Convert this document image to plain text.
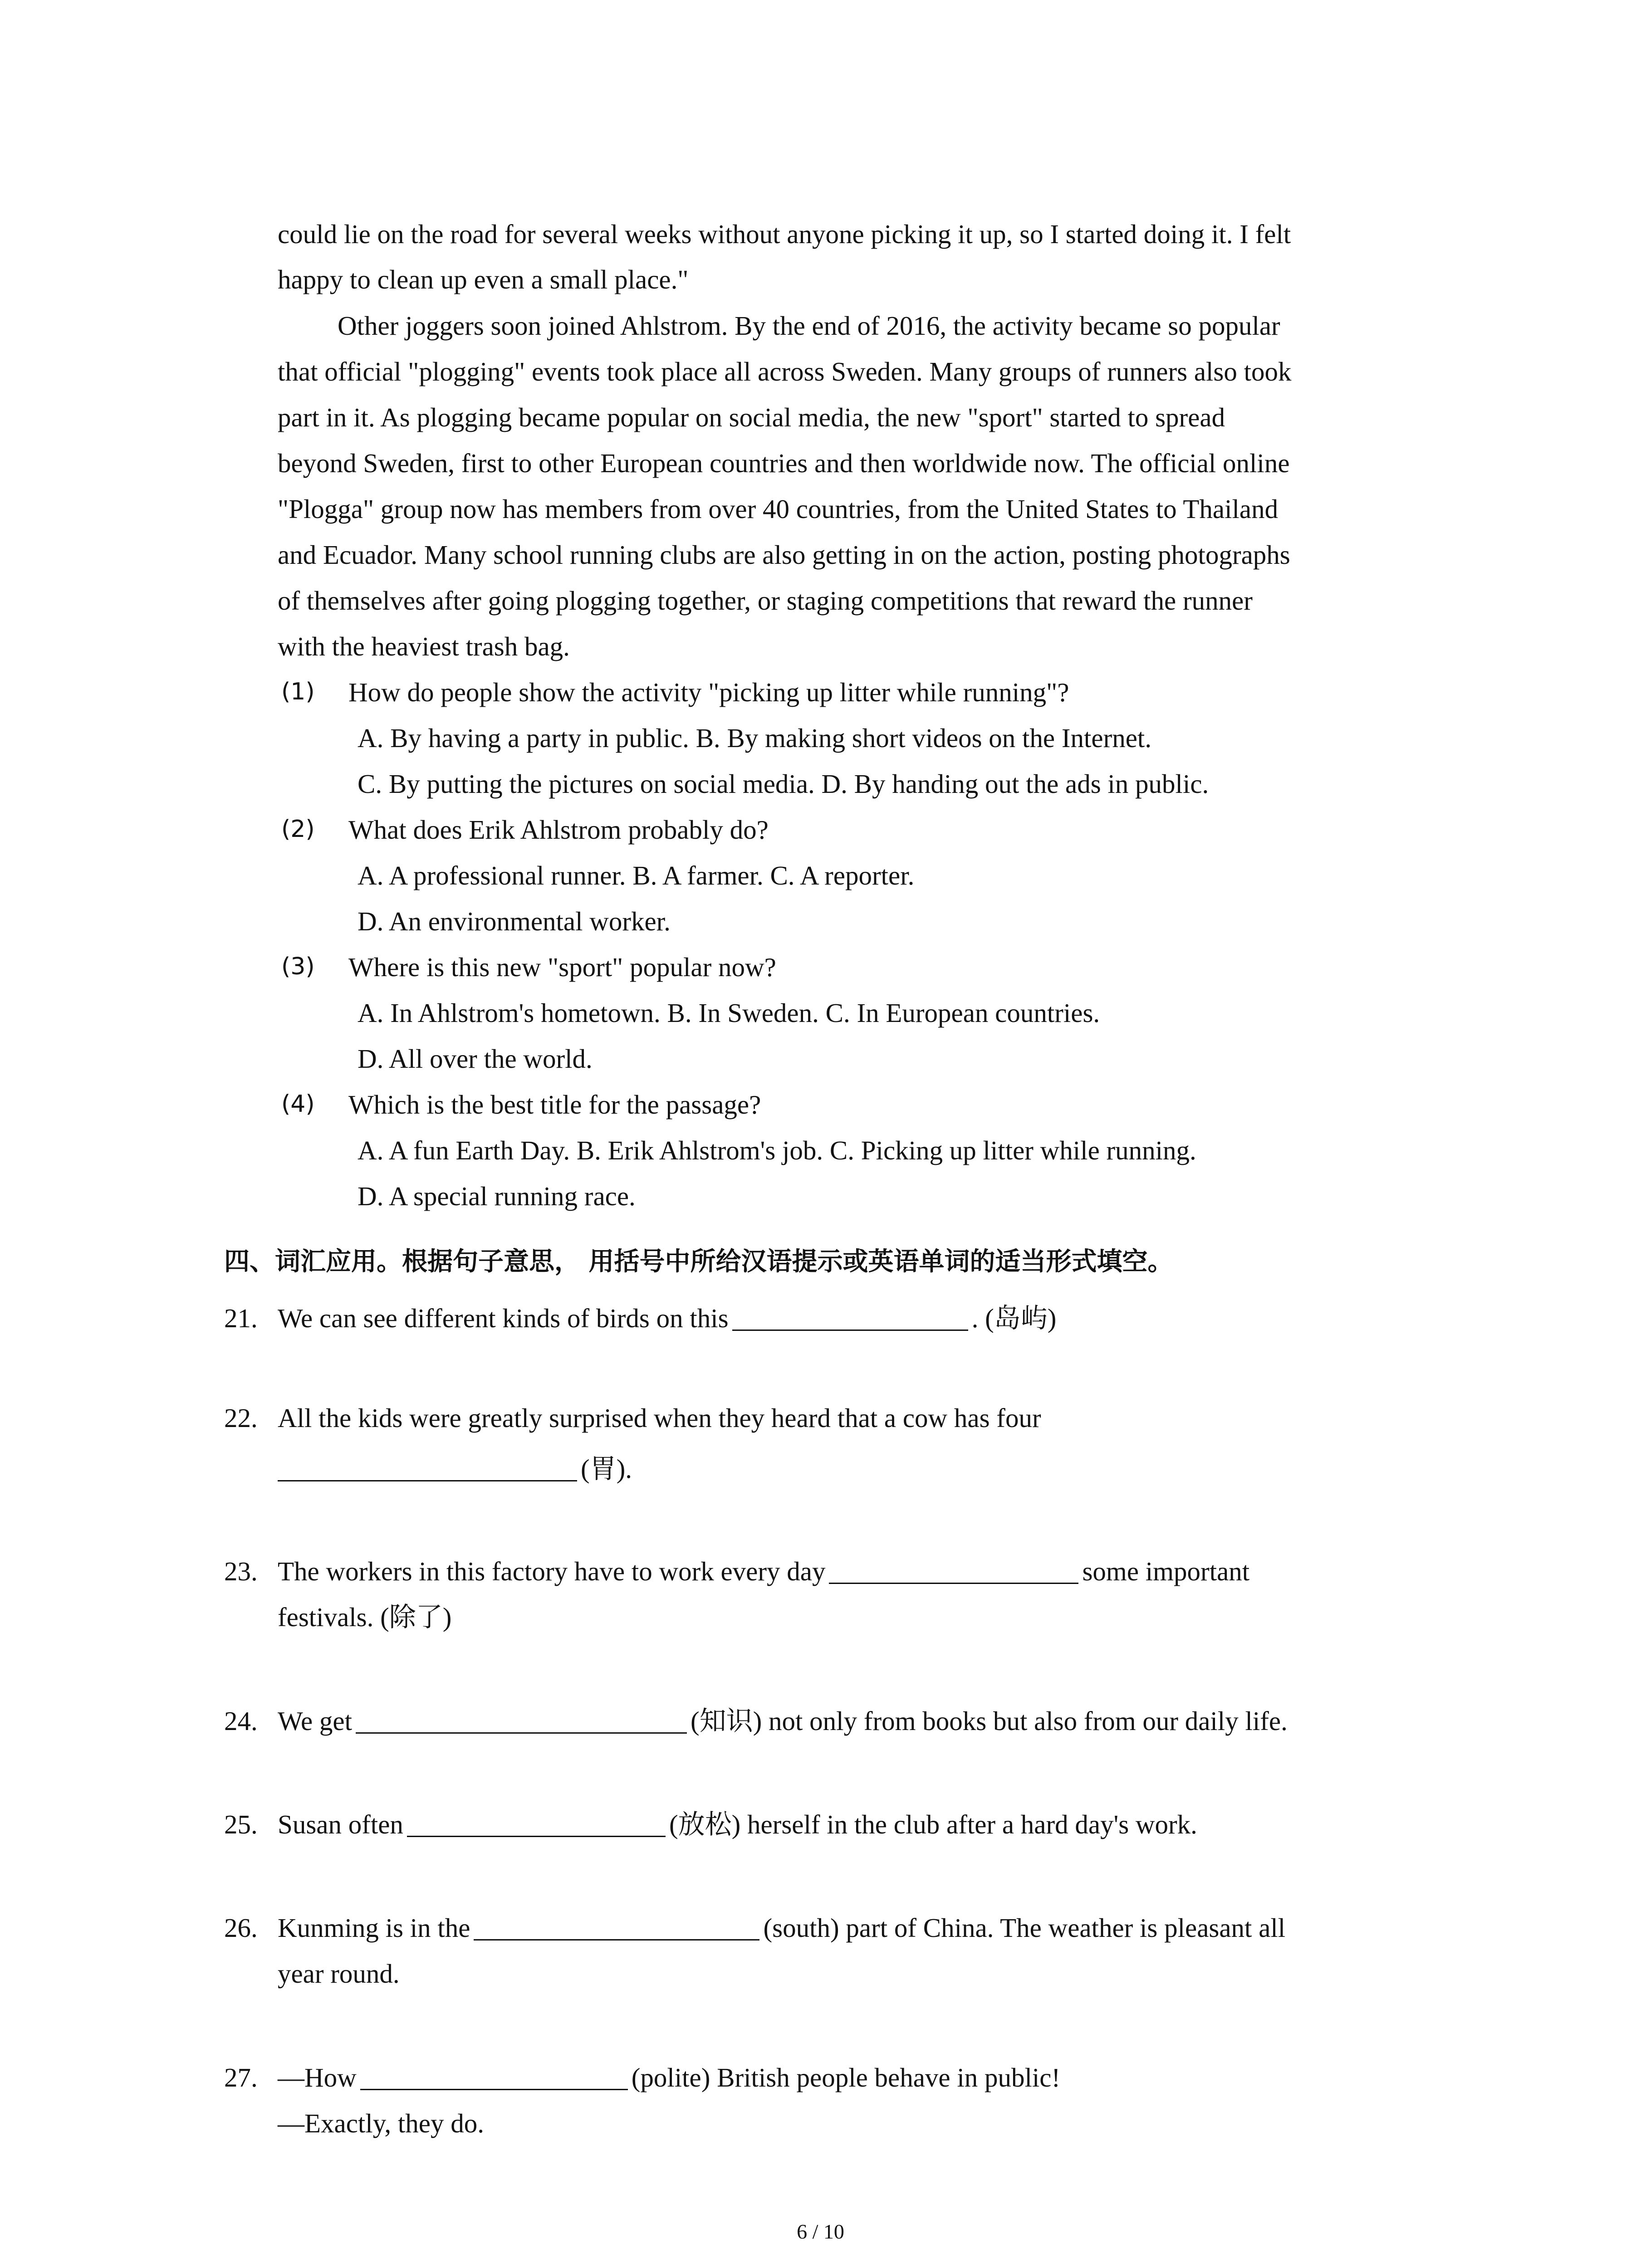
could lie on the road for several weeks without anyone picking it up, so I started doing it. I felt
happy to clean up even a small place."
Other joggers soon joined Ahlstrom. By the end of 2016, the activity became so popular
that official "plogging" events took place all across Sweden. Many groups of runners also took
part in it. As plogging became popular on social media, the new "sport" started to spread
beyond Sweden, first to other European countries and then worldwide now. The official online
"Plogga" group now has members from over 40 countries, from the United States to Thailand
and Ecuador. Many school running clubs are also getting in on the action, posting photographs
of themselves after going plogging together, or staging competitions that reward the runner
with the heaviest trash bag.
(1) How do people show the activity "picking up litter while running"?
A. By having a party in public. B. By making short videos on the Internet.
C. By putting the pictures on social media. D. By handing out the ads in public.
(2) What does Erik Ahlstrom probably do?
A. A professional runner. B. A farmer. C. A reporter.
D. An environmental worker.
(3) Where is this new "sport" popular now?
A. In Ahlstrom's hometown. B. In Sweden. C. In European countries.
D. All over the world.
(4) Which is the best title for the passage?
A. A fun Earth Day. B. Erik Ahlstrom's job. C. Picking up litter while running.
D. A special running race.
四、词汇应用。根据句子意思， 用括号中所给汉语提示或英语单词的适当形式填空。
21. We can see different kinds of birds on this	. (岛屿)
22. All the kids were greatly surprised when they heard that a cow has four
(胃).
23. The workers in this factory have to work every day	some important
festivals. (除了)
24. We get	(知识) not only from books but also from our daily life.
25. Susan often	(放松) herself in the club after a hard day's work.
26. Kunming is in the	(south) part of China. The weather is pleasant all
year round.
27. —How	(polite) British people behave in public!
—Exactly, they do.
6 / 10
